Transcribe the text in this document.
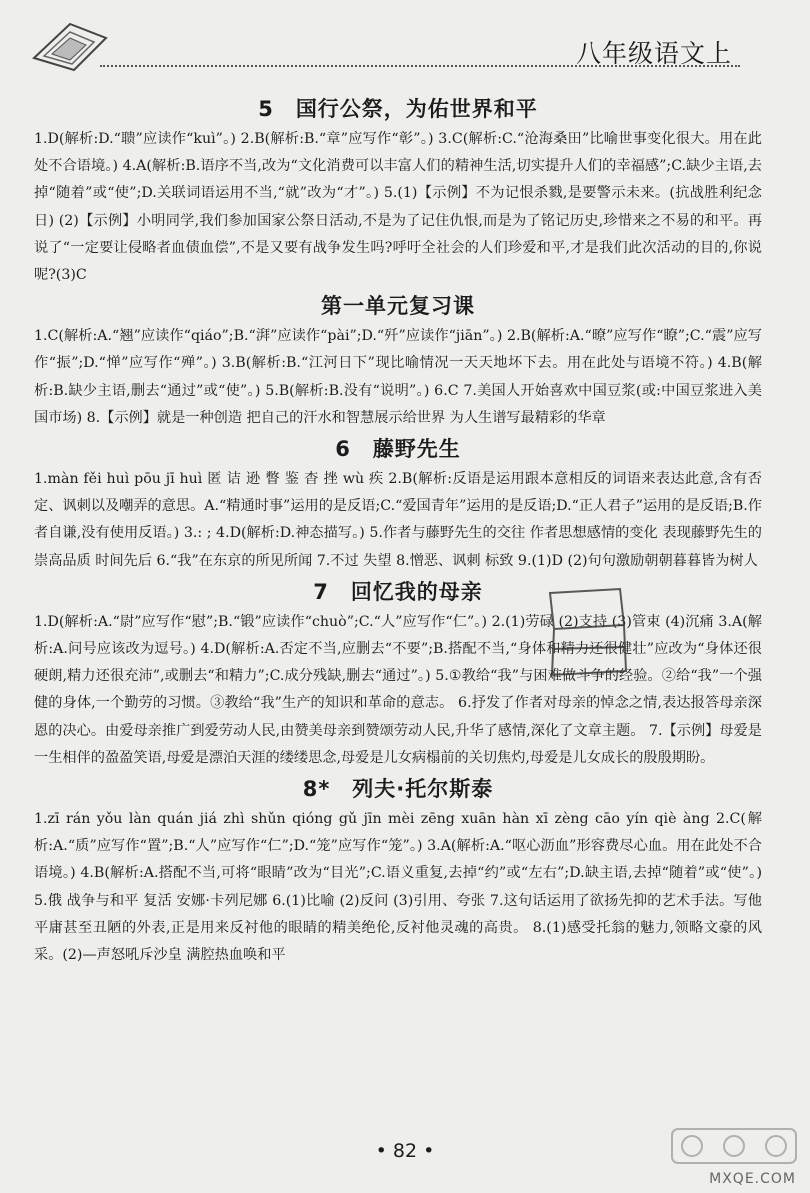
八年级语文上
5 国行公祭，为佑世界和平

1.D(解析:D.“聩”应读作“kuì”。) 2.B(解析:B.“章”应写作“彰”。) 3.C(解析:C.“沧海桑田”比喻世事变化很大。用在此处不合语境。) 4.A(解析:B.语序不当,改为“文化消费可以丰富人们的精神生活,切实提升人们的幸福感”;C.缺少主语,去掉“随着”或“使”;D.关联词语运用不当,“就”改为“才”。) 5.(1)【示例】不为记恨杀戮,是要警示未来。(抗战胜利纪念日) (2)【示例】小明同学,我们参加国家公祭日活动,不是为了记住仇恨,而是为了铭记历史,珍惜来之不易的和平。再说了“一定要让侵略者血债血偿”,不是又要有战争发生吗?呼吁全社会的人们珍爱和平,才是我们此次活动的目的,你说呢?(3)C

第一单元复习课

1.C(解析:A.“翘”应读作“qiáo”;B.“湃”应读作“pài”;D.“歼”应读作“jiān”。) 2.B(解析:A.“暸”应写作“瞭”;C.“震”应写作“振”;D.“惮”应写作“殚”。) 3.B(解析:B.“江河日下”现比喻情况一天天地坏下去。用在此处与语境不符。) 4.B(解析:B.缺少主语,删去“通过”或“使”。) 5.B(解析:B.没有“说明”。) 6.C 7.美国人开始喜欢中国豆浆(或:中国豆浆进入美国市场) 8.【示例】就是一种创造 把自己的汗水和智慧展示给世界 为人生谱写最精彩的华章

6 藤野先生

1.màn fěi huì pōu jī huì 匿 诘 逊 瞥 鉴 杳 挫 wù 疾 2.B(解析:反语是运用跟本意相反的词语来表达此意,含有否定、讽刺以及嘲弄的意思。A.“精通时事”运用的是反语;C.“爱国青年”运用的是反语;D.“正人君子”运用的是反语;B.作者自谦,没有使用反语。) 3.: ; 4.D(解析:D.神态描写。) 5.作者与藤野先生的交往 作者思想感情的变化 表现藤野先生的崇高品质 时间先后 6.“我”在东京的所见所闻 7.不过 失望 8.憎恶、讽刺 标致 9.(1)D (2)句句激励朝朝暮暮皆为树人

7 回忆我的母亲

1.D(解析:A.“尉”应写作“慰”;B.“锻”应读作“chuò”;C.“人”应写作“仁”。) 2.(1)劳碌 (2)支持 (3)管束 (4)沉痛 3.A(解析:A.问号应该改为逗号。) 4.D(解析:A.否定不当,应删去“不要”;B.搭配不当,“身体和精力还很健壮”应改为“身体还很硬朗,精力还很充沛”,或删去“和精力”;C.成分残缺,删去“通过”。) 5.①教给“我”与困难做斗争的经验。②给“我”一个强健的身体,一个勤劳的习惯。③教给“我”生产的知识和革命的意志。 6.抒发了作者对母亲的悼念之情,表达报答母亲深恩的决心。由爱母亲推广到爱劳动人民,由赞美母亲到赞颂劳动人民,升华了感情,深化了文章主题。 7.【示例】母爱是一生相伴的盈盈笑语,母爱是漂泊天涯的缕缕思念,母爱是儿女病榻前的关切焦灼,母爱是儿女成长的殷殷期盼。

8* 列夫·托尔斯泰

1.zī rán yǒu làn quán jiá zhì shǔn qióng gǔ jīn mèi zēng xuān hàn xī zèng cāo yín qiè àng 2.C(解析:A.“质”应写作“置”;B.“人”应写作“仁”;D.“笼”应写作“笼”。) 3.A(解析:A.“呕心沥血”形容费尽心血。用在此处不合语境。) 4.B(解析:A.搭配不当,可将“眼睛”改为“目光”;C.语义重复,去掉“约”或“左右”;D.缺主语,去掉“随着”或“使”。) 5.俄 战争与和平 复活 安娜·卡列尼娜 6.(1)比喻 (2)反问 (3)引用、夸张 7.这句话运用了欲扬先抑的艺术手法。写他平庸甚至丑陋的外表,正是用来反衬他的眼睛的精美绝伦,反衬他灵魂的高贵。 8.(1)感受托翁的魅力,领略文豪的风采。(2)—声怒吼斥沙皇 满腔热血唤和平

• 82 •
MXQE.COM
